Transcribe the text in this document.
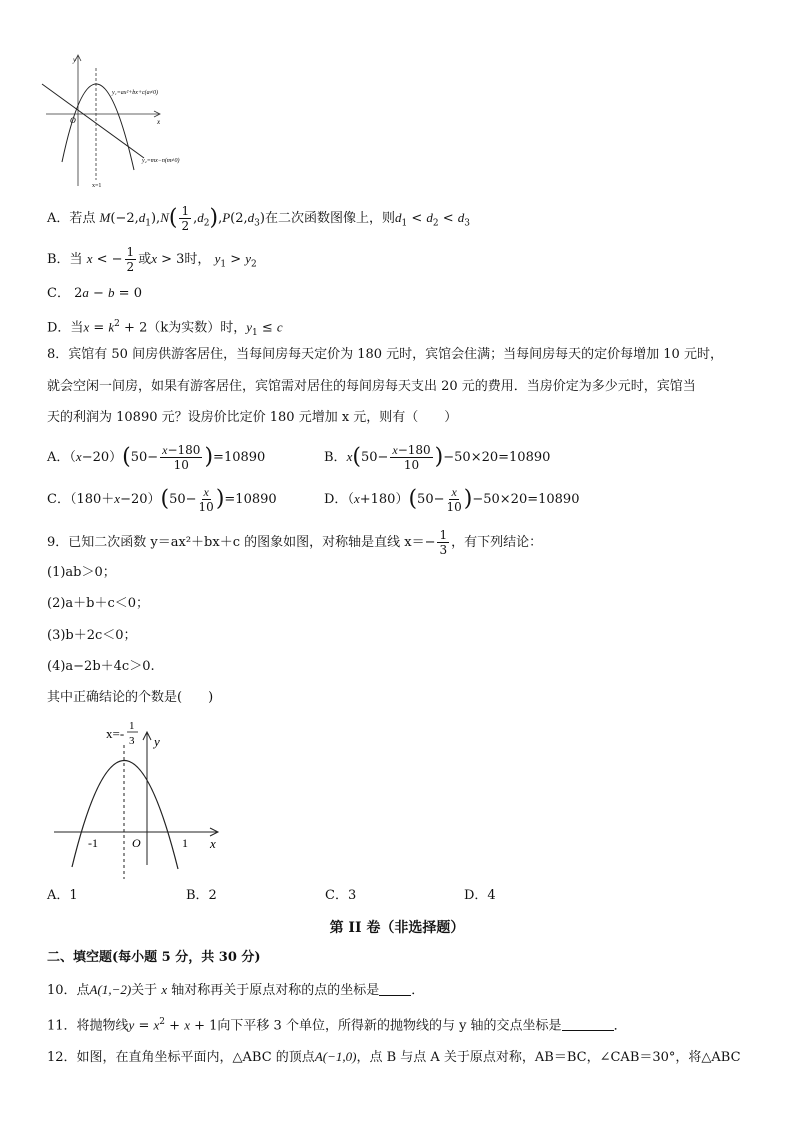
y
x
O
x=1
y₁=ax²+bx+c(a≠0)
y₂=mx−n(m≠0)
A．若点 $M(-2,d_1),N( \frac{1}{2} ,d_2),P(2,d_3)$在二次函数图像上，则$d_1 < d_2 < d_3$
B．当 x < − $\frac{1}{2}$ 或x > 3时， $y_1 > y_2$
C． 2a − b = 0
D．当$x = k^2 + 2(k$为实数）时，$y_1 \le c$
8．宾馆有 50 间房供游客居住，当每间房每天定价为 180 元时，宾馆会住满；当每间房每天的定价每增加 10 元时，
就会空闲一间房，如果有游客居住，宾馆需对居住的每间房每天支出 20 元的费用．当房价定为多少元时，宾馆当
天的利润为 10890 元？设房价比定价 180 元增加 x 元，则有（　　）
A．$(x-20)(50- \frac{x-180}{10} )=10890$	B．$x(50- \frac{x-180}{10} )-50\times 20=10890$
C．$(180+x-20)(50- \frac{x}{10} )=10890$	D．$(x+180)(50- \frac{x}{10} )-50\times 20=10890$
9．已知二次函数 y＝ax²＋bx＋c 的图象如图，对称轴是直线 $x=- \frac{1}{3}$ ，有下列结论：
(1)ab＞0；
(2)a＋b＋c＜0；
(3)b＋2c＜0；
(4)a−2b＋4c＞0.
其中正确结论的个数是(　　)
x=- 1
3 y
x
-1	O	1
A．1	B．2	C．3	D．4
第 II 卷（非选择题）
二、填空题(每小题 5 分，共 30 分)
10．点A(1,−2)关于 x 轴对称再关于原点对称的点的坐标是 ．
11．将抛物线$y = x^2 + x + 1$向下平移 3 个单位，所得新的抛物线的与 y 轴的交点坐标是	．
12．如图，在直角坐标平面内，△ABC 的顶点A(−1,0)，点 B 与点 A 关于原点对称，AB＝BC，∠CAB＝30°，将△ABC
